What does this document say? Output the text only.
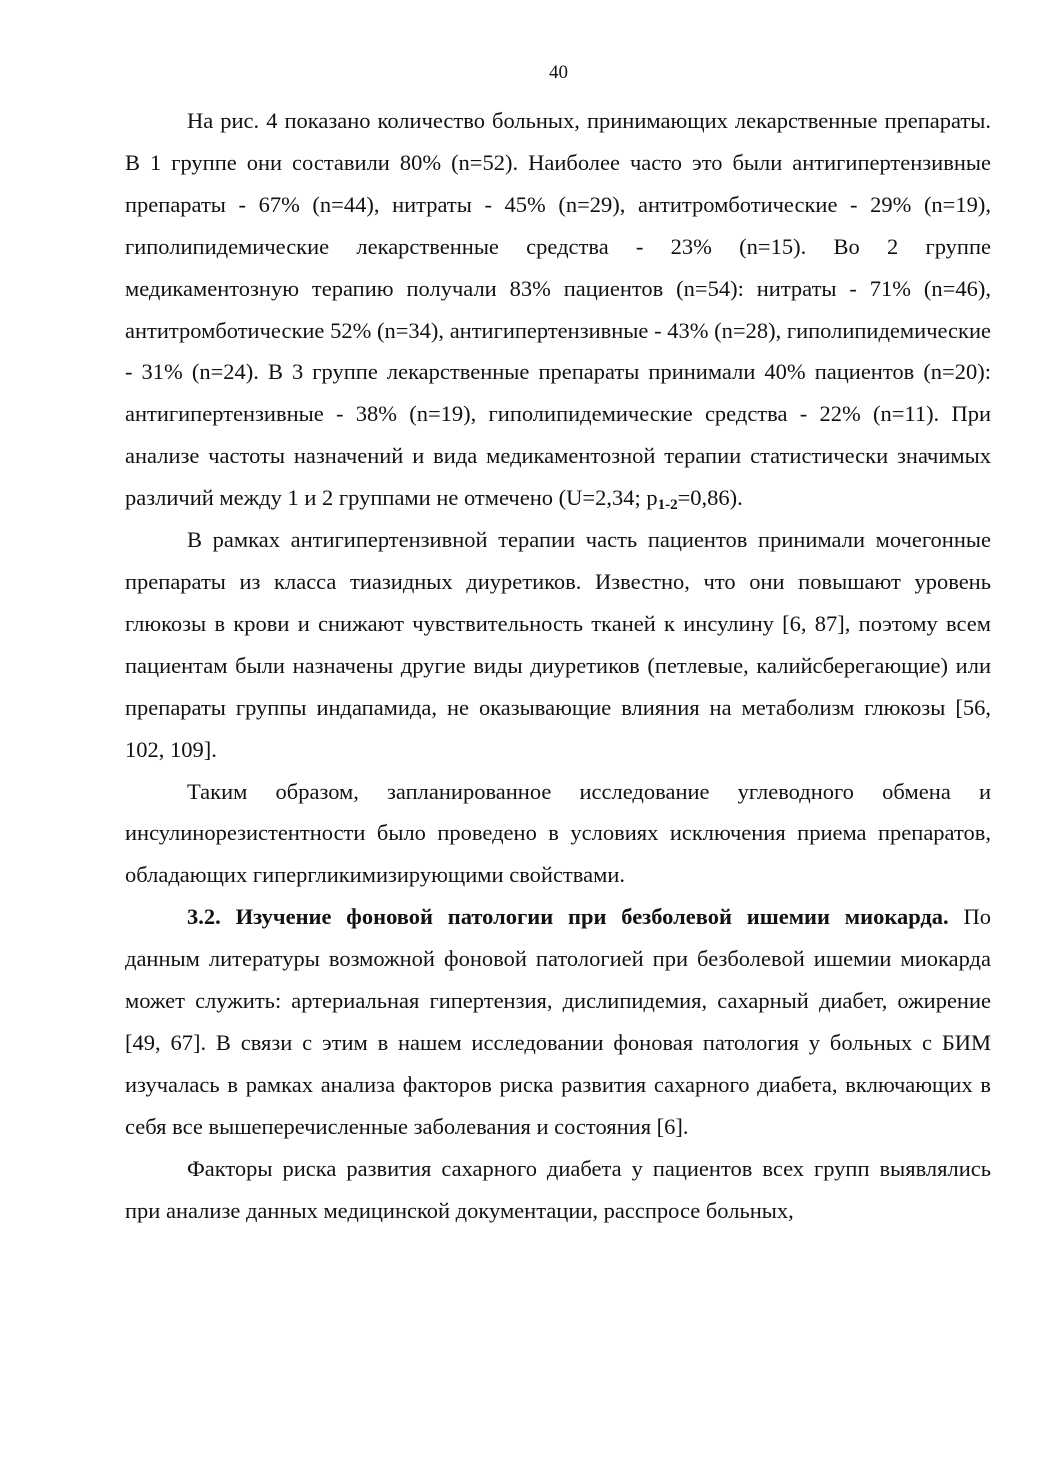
40

На рис. 4 показано количество больных, принимающих лекарственные препараты. В 1 группе они составили 80% (n=52). Наиболее часто это были антигипертензивные препараты - 67% (n=44), нитраты - 45% (n=29), антитромботические - 29% (n=19), гиполипидемические лекарственные средства - 23% (n=15). Во 2 группе медикаментозную терапию получали 83% пациентов (n=54): нитраты - 71% (n=46), антитромботические 52% (n=34), антигипертензивные - 43% (n=28), гиполипидемические - 31% (n=24). В 3 группе лекарственные препараты принимали 40% пациентов (n=20): антигипертензивные - 38% (n=19), гиполипидемические средства - 22% (n=11). При анализе частоты назначений и вида медикаментозной терапии статистически значимых различий между 1 и 2 группами не отмечено (U=2,34; $p_{1-2}=0,86$).

В рамках антигипертензивной терапии часть пациентов принимали мочегонные препараты из класса тиазидных диуретиков. Известно, что они повышают уровень глюкозы в крови и снижают чувствительность тканей к инсулину [6, 87], поэтому всем пациентам были назначены другие виды диуретиков (петлевые, калийсберегающие) или препараты группы индапамида, не оказывающие влияния на метаболизм глюкозы [56, 102, 109].

Таким образом, запланированное исследование углеводного обмена и инсулинорезистентности было проведено в условиях исключения приема препаратов, обладающих гипергликимизирующими свойствами.

3.2. Изучение фоновой патологии при безболевой ишемии миокарда. По данным литературы возможной фоновой патологией при безболевой ишемии миокарда может служить: артериальная гипертензия, дислипидемия, сахарный диабет, ожирение [49, 67]. В связи с этим в нашем исследовании фоновая патология у больных с БИМ изучалась в рамках анализа факторов риска развития сахарного диабета, включающих в себя все вышеперечисленные заболевания и состояния [6].

Факторы риска развития сахарного диабета у пациентов всех групп выявлялись при анализе данных медицинской документации, расспросе больных,
